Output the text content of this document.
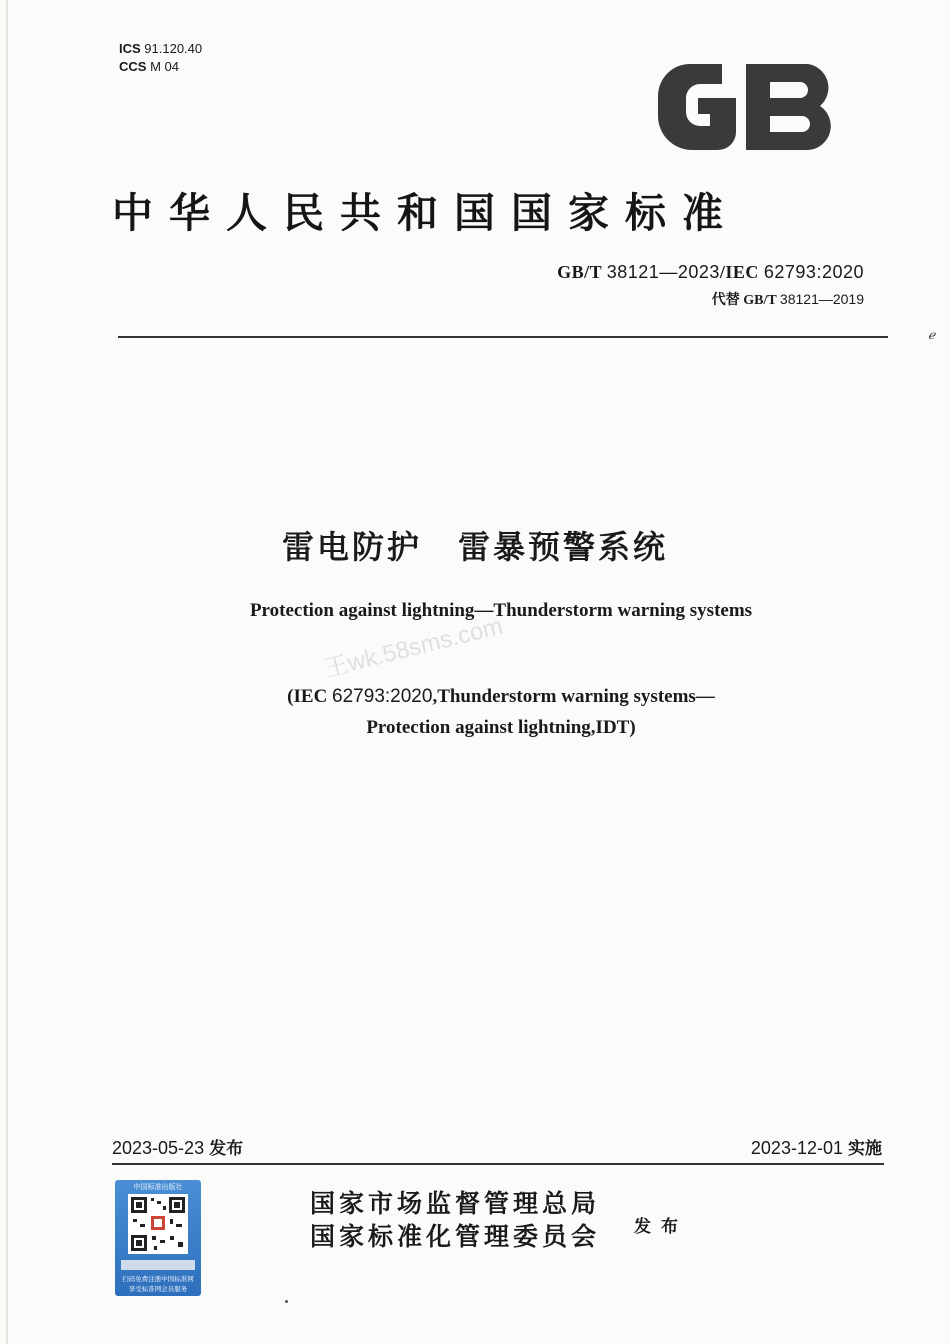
ICS 91.120.40
CCS M 04
中华人民共和国国家标准
GB/T 38121—2023/IEC 62793:2020
代替 GB/T 38121—2019
ℯ
雷电防护 雷暴预警系统
Protection against lightning—Thunderstorm warning systems
(IEC 62793:2020,Thunderstorm warning systems—
Protection against lightning,IDT)
王wk.58sms.com
2023-05-23 发布	2023-12-01 实施
中国标准出版社
扫码免费注册中国标准网
享受标准网会员服务
国家市场监督管理总局
国家标准化管理委员会 发布
